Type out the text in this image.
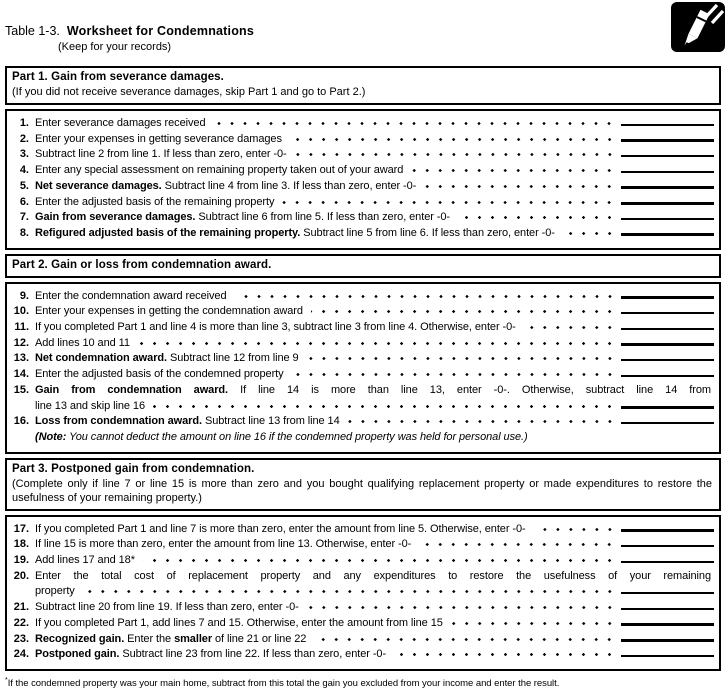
Table 1-3. Worksheet for Condemnations
(Keep for your records)
Part 1. Gain from severance damages.
(If you did not receive severance damages, skip Part 1 and go to Part 2.)
1. Enter severance damages received
2. Enter your expenses in getting severance damages
3. Subtract line 2 from line 1. If less than zero, enter -0-
4. Enter any special assessment on remaining property taken out of your award
5. Net severance damages. Subtract line 4 from line 3. If less than zero, enter -0-
6. Enter the adjusted basis of the remaining property
7. Gain from severance damages. Subtract line 6 from line 5. If less than zero, enter -0-
8. Refigured adjusted basis of the remaining property. Subtract line 5 from line 6. If less than zero, enter -0-
Part 2. Gain or loss from condemnation award.
9. Enter the condemnation award received
10. Enter your expenses in getting the condemnation award
11. If you completed Part 1 and line 4 is more than line 3, subtract line 3 from line 4. Otherwise, enter -0-
12. Add lines 10 and 11
13. Net condemnation award. Subtract line 12 from line 9
14. Enter the adjusted basis of the condemned property
15. Gain from condemnation award. If line 14 is more than line 13, enter -0-. Otherwise, subtract line 14 from
line 13 and skip line 16
16. Loss from condemnation award. Subtract line 13 from line 14
(Note: You cannot deduct the amount on line 16 if the condemned property was held for personal use.)
Part 3. Postponed gain from condemnation.
(Complete only if line 7 or line 15 is more than zero and you bought qualifying replacement property or made expenditures to restore the usefulness of your remaining property.)
17. If you completed Part 1 and line 7 is more than zero, enter the amount from line 5. Otherwise, enter -0-
18. If line 15 is more than zero, enter the amount from line 13. Otherwise, enter -0-
19. Add lines 17 and 18*
20. Enter the total cost of replacement property and any expenditures to restore the usefulness of your remaining
property
21. Subtract line 20 from line 19. If less than zero, enter -0-
22. If you completed Part 1, add lines 7 and 15. Otherwise, enter the amount from line 15
23. Recognized gain. Enter the smaller of line 21 or line 22
24. Postponed gain. Subtract line 23 from line 22. If less than zero, enter -0-
*If the condemned property was your main home, subtract from this total the gain you excluded from your income and enter the result.
